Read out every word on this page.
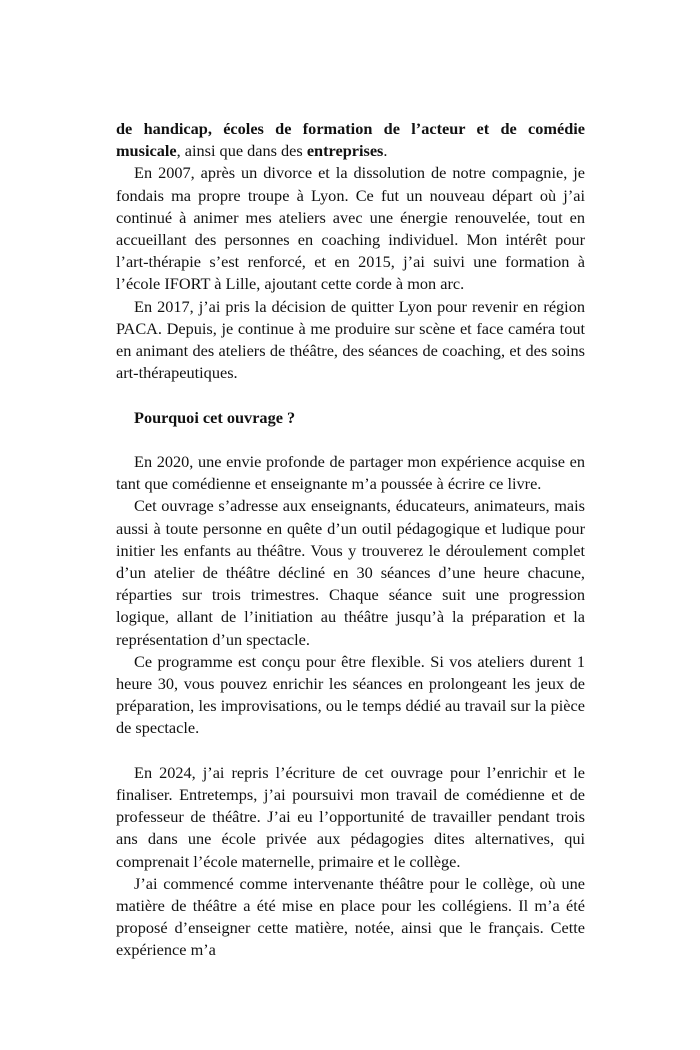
de handicap, écoles de formation de l’acteur et de comédie musicale, ainsi que dans des entreprises.

En 2007, après un divorce et la dissolution de notre compagnie, je fondais ma propre troupe à Lyon. Ce fut un nouveau départ où j’ai continué à animer mes ateliers avec une énergie renouvelée, tout en accueillant des personnes en coaching individuel. Mon intérêt pour l’art-thérapie s’est renforcé, et en 2015, j’ai suivi une formation à l’école IFORT à Lille, ajoutant cette corde à mon arc.

En 2017, j’ai pris la décision de quitter Lyon pour revenir en région PACA. Depuis, je continue à me produire sur scène et face caméra tout en animant des ateliers de théâtre, des séances de coaching, et des soins art-thérapeutiques.

Pourquoi cet ouvrage ?

En 2020, une envie profonde de partager mon expérience acquise en tant que comédienne et enseignante m’a poussée à écrire ce livre.

Cet ouvrage s’adresse aux enseignants, éducateurs, animateurs, mais aussi à toute personne en quête d’un outil pédagogique et ludique pour initier les enfants au théâtre. Vous y trouverez le déroulement complet d’un atelier de théâtre décliné en 30 séances d’une heure chacune, réparties sur trois trimestres. Chaque séance suit une progression logique, allant de l’initiation au théâtre jusqu’à la préparation et la représentation d’un spectacle.

Ce programme est conçu pour être flexible. Si vos ateliers durent 1 heure 30, vous pouvez enrichir les séances en prolongeant les jeux de préparation, les improvisations, ou le temps dédié au travail sur la pièce de spectacle.

En 2024, j’ai repris l’écriture de cet ouvrage pour l’enrichir et le finaliser. Entretemps, j’ai poursuivi mon travail de comédienne et de professeur de théâtre. J’ai eu l’opportunité de travailler pendant trois ans dans une école privée aux pédagogies dites alternatives, qui comprenait l’école maternelle, primaire et le collège.

J’ai commencé comme intervenante théâtre pour le collège, où une matière de théâtre a été mise en place pour les collégiens. Il m’a été proposé d’enseigner cette matière, notée, ainsi que le français. Cette expérience m’a
